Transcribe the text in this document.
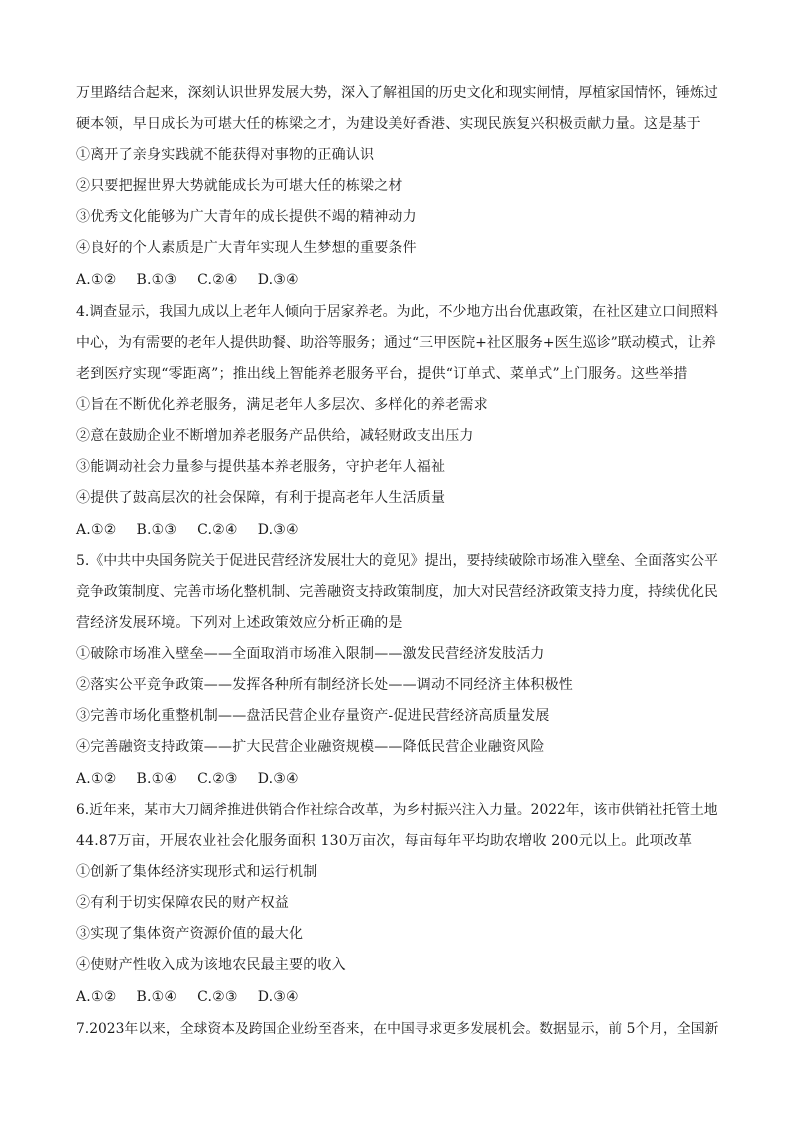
万里路结合起来，深刻认识世界发展大势，深入了解祖国的历史文化和现实闸情，厚植家国情怀，锤炼过
硬本领，早日成长为可堪大任的栋梁之才，为建设美好香港、实现民族复兴积极贡献力量。这是基于
①离开了亲身实践就不能获得对事物的正确认识
②只要把握世界大势就能成长为可堪大任的栋梁之材
③优秀文化能够为广大青年的成长提供不竭的精神动力
④良好的个人素质是广大青年实现人生梦想的重要条件
A.①② B.①③ C.②④ D.③④
4.调查显示，我国九成以上老年人倾向于居家养老。为此，不少地方出台优惠政策，在社区建立口间照料
中心，为有需要的老年人提供助餐、助浴等服务；通过“三甲医院+社区服务+医生巡诊”联动模式，让养
老到医疗实现“零距离”；推出线上智能养老服务平台，提供“订单式、菜单式”上门服务。这些举措
①旨在不断优化养老服务，满足老年人多层次、多样化的养老需求
②意在鼓励企业不断增加养老服务产品供给，减轻财政支出压力
③能调动社会力量参与提供基本养老服务，守护老年人福祉
④提供了鼓高层次的社会保障，有利于提高老年人生活质量
A.①② B.①③ C.②④ D.③④
5.《中共中央国务院关于促进民营经济发展壮大的竟见》提出，要持续破除市场准入壁垒、全面落实公平
竞争政策制度、完善市场化整机制、完善融资支持政策制度，加大对民营经济政策支持力度，持续优化民
营经济发展环境。下列对上述政策效应分析正确的是
①破除市场准入壁垒——全面取消市场准入限制——激发民营经济发肢活力
②落实公平竞争政策——发挥各种所有制经济长处——调动不同经济主体积极性
③完善市场化重整机制——盘活民营企业存量资产-促进民营经济高质量发展
④完善融资支持政策——扩大民营企业融资规模——降低民营企业融资风险
A.①② B.①④ C.②③ D.③④
6.近年来，某市大刀阔斧推进供销合作社综合改革，为乡村振兴注入力量。2022年，该市供销社托管土地
44.87万亩，开展农业社会化服务面积 130万亩次，每亩每年平均助农增收 200元以上。此项改革
①创新了集体经济实现形式和运行机制
②有利于切实保障农民的财产权益
③实现了集体资产资源价值的最大化
④使财产性收入成为该地农民最主要的收入
A.①② B.①④ C.②③ D.③④
7.2023年以来，全球资本及跨国企业纷至沓来，在中国寻求更多发展机会。数据显示，前 5个月，全国新
